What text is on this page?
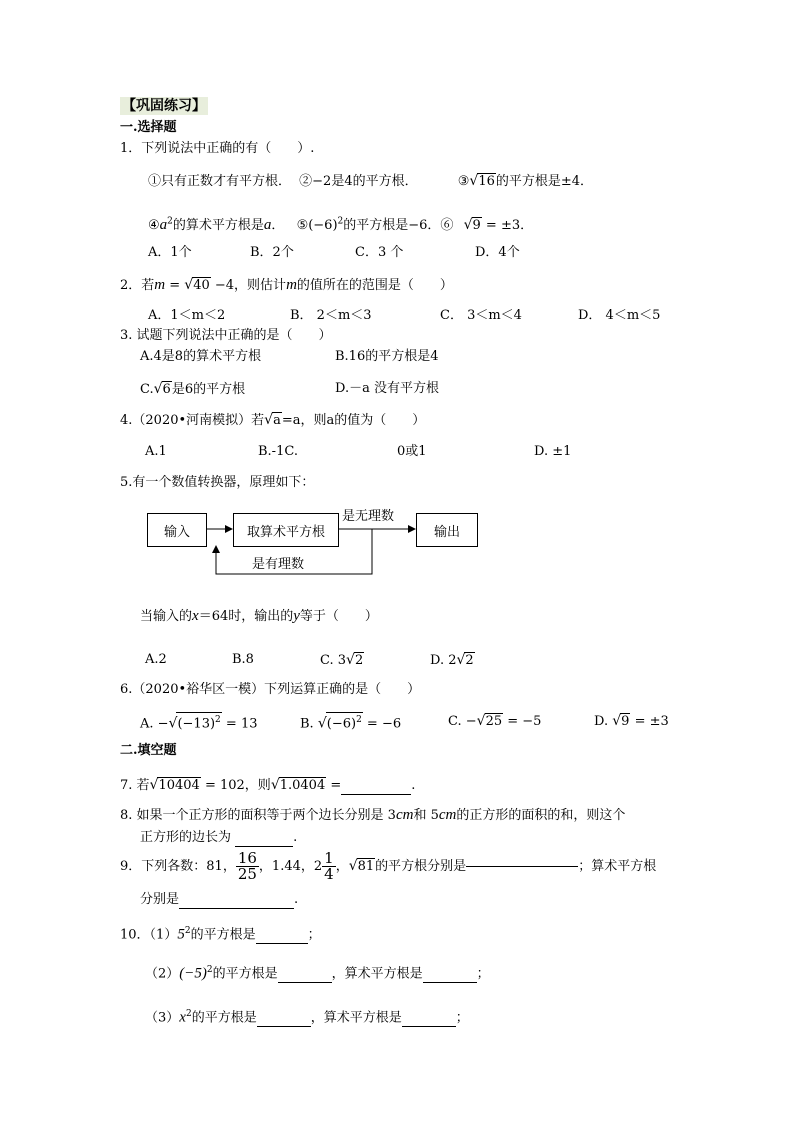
【巩固练习】
一.选择题
1．下列说法中正确的有（　　）.
①只有正数才有平方根． ②−2是4的平方根．	③√16的平方根是±4．
$④a^2$的算术平方根是a． $⑤(-6)^2$的平方根是−6．⑥ √9 = ±3．
A．1个	B．2个	C．3 个	D．4个
2．若m = √40 −4，则估计m的值所在的范围是（　　）
A．1＜m＜2	B． 2＜m＜3	C． 3＜m＜4	D． 4＜m＜5
3. 试题下列说法中正确的是（　　）
A.4是8的算术平方根	B.16的平方根是4
C.√6是6的平方根	D.－a 没有平方根
4.（2020•河南模拟）若√a=a，则a的值为（　　）
A.1	B.-1C.	0或1	D. ±1
5.有一个数值转换器，原理如下：
输入	取算术平方根	输出
是无理数
是有理数
当输入的x＝64时，输出的y等于（　　）
A.2	B.8	C. 3√2	D. 2√2
6.（2020•裕华区一模）下列运算正确的是（　　）
A. $-√(-13)^2 = 13$	B. $√(-6)^2 = -6$	C. −√25 = −5	D. √9 = ±3
二.填空题
7. 若√10404 = 102，则√1.0404 =	.
8. 如果一个正方形的面积等于两个边长分别是 3cm和 5cm的正方形的面积的和，则这个
正方形的边长为	.
9．下列各数：81， $\frac{16}{25}$ ，1.44，$2 \frac{1}{4}$ ，√81的平方根分别是	；算术平方根
分别是	.
10．$(1)5^2$的平方根是	；
$(2)(-5)^2$的平方根是	，算术平方根是	；
$(3)x^2$的平方根是	，算术平方根是	；
